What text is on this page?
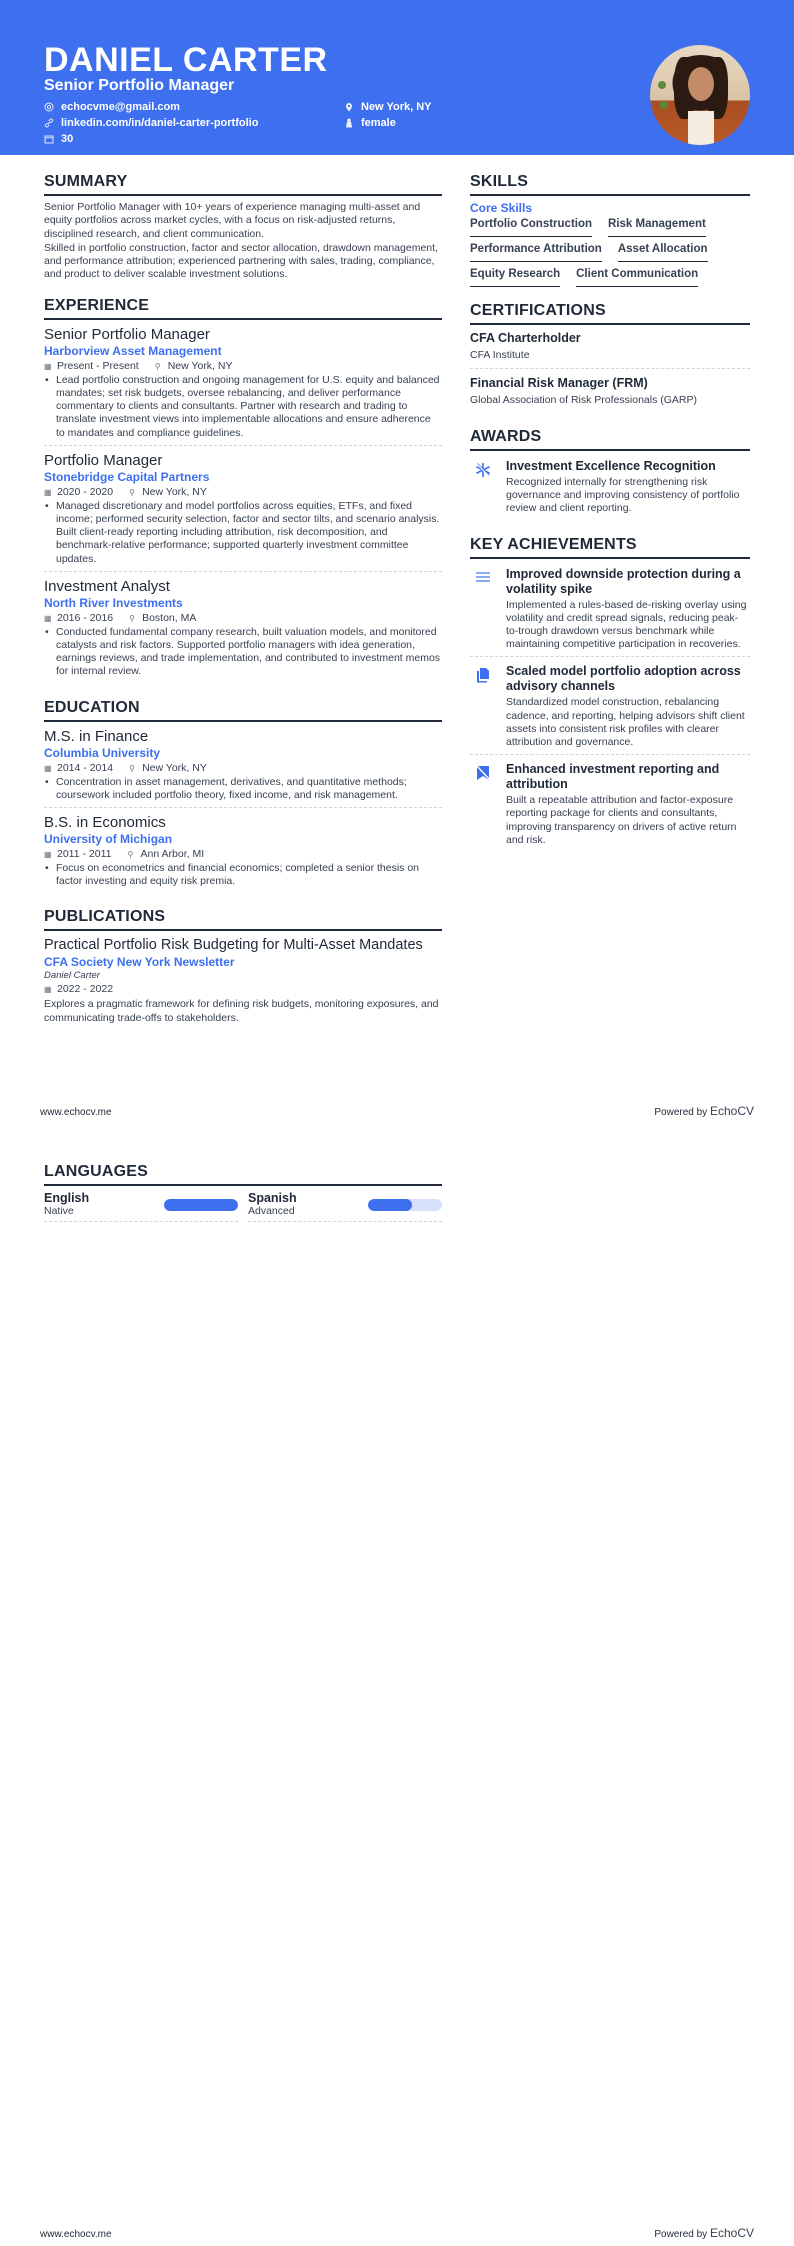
DANIEL CARTER
Senior Portfolio Manager
echocvme@gmail.com
linkedin.com/in/daniel-carter-portfolio
30
New York, NY
female
SUMMARY

Senior Portfolio Manager with 10+ years of experience managing multi-asset and equity portfolios across market cycles, with a focus on risk-adjusted returns, disciplined research, and client communication.

Skilled in portfolio construction, factor and sector allocation, drawdown management, and performance attribution; experienced partnering with sales, trading, compliance, and product to deliver scalable investment solutions.

EXPERIENCE
Senior Portfolio Manager
Harborview Asset Management
▦ Present - Present ⚲ New York, NY
• Lead portfolio construction and ongoing management for U.S. equity and balanced mandates; set risk budgets, oversee rebalancing, and deliver performance commentary to clients and consultants. Partner with research and trading to translate investment views into implementable allocations and ensure adherence to mandates and compliance guidelines.
Portfolio Manager
Stonebridge Capital Partners
▦ 2020 - 2020 ⚲ New York, NY
• Managed discretionary and model portfolios across equities, ETFs, and fixed income; performed security selection, factor and sector tilts, and scenario analysis. Built client-ready reporting including attribution, risk decomposition, and benchmark-relative performance; supported quarterly investment committee updates.
Investment Analyst
North River Investments
▦ 2016 - 2016 ⚲ Boston, MA
• Conducted fundamental company research, built valuation models, and monitored catalysts and risk factors. Supported portfolio managers with idea generation, earnings reviews, and trade implementation, and contributed to investment memos for internal review.
EDUCATION
M.S. in Finance
Columbia University
▦ 2014 - 2014 ⚲ New York, NY
• Concentration in asset management, derivatives, and quantitative methods; coursework included portfolio theory, fixed income, and risk management.
B.S. in Economics
University of Michigan
▦ 2011 - 2011 ⚲ Ann Arbor, MI
• Focus on econometrics and financial economics; completed a senior thesis on factor investing and equity risk premia.
PUBLICATIONS
Practical Portfolio Risk Budgeting for Multi-Asset Mandates
CFA Society New York Newsletter
Daniel Carter
▦ 2022 - 2022
Explores a pragmatic framework for defining risk budgets, monitoring exposures, and communicating trade-offs to stakeholders.
SKILLS
Core Skills
Portfolio Construction Risk Management
Performance Attribution Asset Allocation
Equity Research Client Communication
CERTIFICATIONS
CFA Charterholder
CFA Institute
Financial Risk Manager (FRM)
Global Association of Risk Professionals (GARP)
AWARDS
Investment Excellence Recognition
Recognized internally for strengthening risk governance and improving consistency of portfolio review and client reporting.
KEY ACHIEVEMENTS
Improved downside protection during a volatility spike
Implemented a rules-based de-risking overlay using volatility and credit spread signals, reducing peak-to-trough drawdown versus benchmark while maintaining competitive participation in recoveries.
Scaled model portfolio adoption across advisory channels
Standardized model construction, rebalancing cadence, and reporting, helping advisors shift client assets into consistent risk profiles with clearer attribution and governance.
Enhanced investment reporting and attribution
Built a repeatable attribution and factor-exposure reporting package for clients and consultants, improving transparency on drivers of active return and risk.
www.echocv.me	Powered by EchoCV
LANGUAGES
English
Native
Spanish
Advanced
www.echocv.me	Powered by EchoCV
